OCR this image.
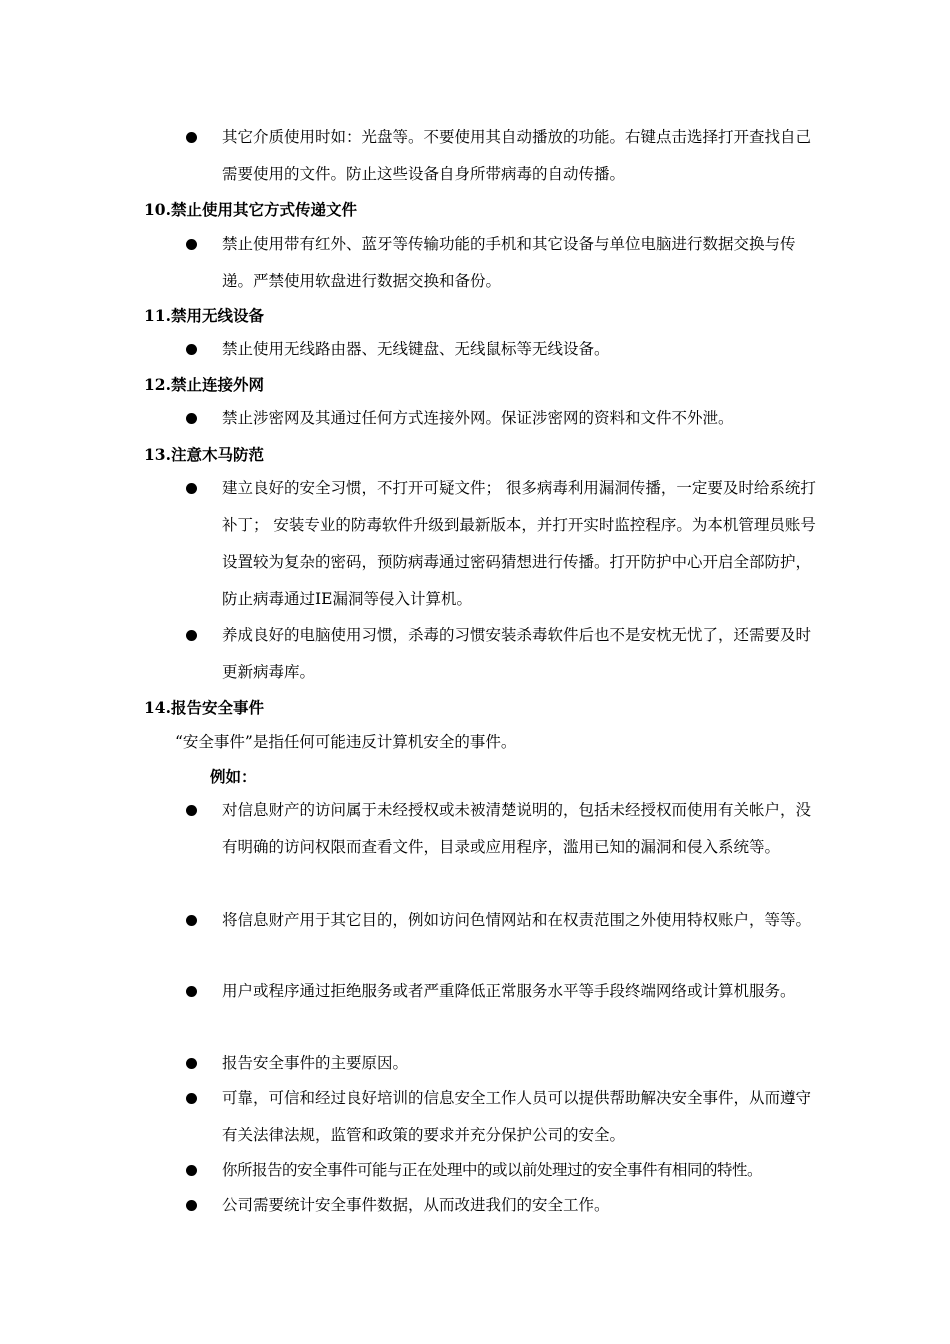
其它介质使用时如：光盘等。不要使用其自动播放的功能。右键点击选择打开查找自己需要使用的文件。防止这些设备自身所带病毒的自动传播。
10.禁止使用其它方式传递文件
禁止使用带有红外、蓝牙等传输功能的手机和其它设备与单位电脑进行数据交换与传递。严禁使用软盘进行数据交换和备份。
11.禁用无线设备
禁止使用无线路由器、无线键盘、无线鼠标等无线设备。
12.禁止连接外网
禁止涉密网及其通过任何方式连接外网。保证涉密网的资料和文件不外泄。
13.注意木马防范
建立良好的安全习惯，不打开可疑文件； 很多病毒利用漏洞传播，一定要及时给系统打补丁； 安装专业的防毒软件升级到最新版本，并打开实时监控程序。为本机管理员账号设置较为复杂的密码，预防病毒通过密码猜想进行传播。打开防护中心开启全部防护，防止病毒通过IE漏洞等侵入计算机。
养成良好的电脑使用习惯，杀毒的习惯安装杀毒软件后也不是安枕无忧了，还需要及时更新病毒库。
14.报告安全事件
“安全事件”是指任何可能违反计算机安全的事件。
例如：
对信息财产的访问属于未经授权或未被清楚说明的，包括未经授权而使用有关帐户，没有明确的访问权限而查看文件，目录或应用程序，滥用已知的漏洞和侵入系统等。
将信息财产用于其它目的，例如访问色情网站和在权责范围之外使用特权账户，等等。
用户或程序通过拒绝服务或者严重降低正常服务水平等手段终端网络或计算机服务。
报告安全事件的主要原因。
可靠，可信和经过良好培训的信息安全工作人员可以提供帮助解决安全事件，从而遵守有关法律法规，监管和政策的要求并充分保护公司的安全。
你所报告的安全事件可能与正在处理中的或以前处理过的安全事件有相同的特性。
公司需要统计安全事件数据，从而改进我们的安全工作。
